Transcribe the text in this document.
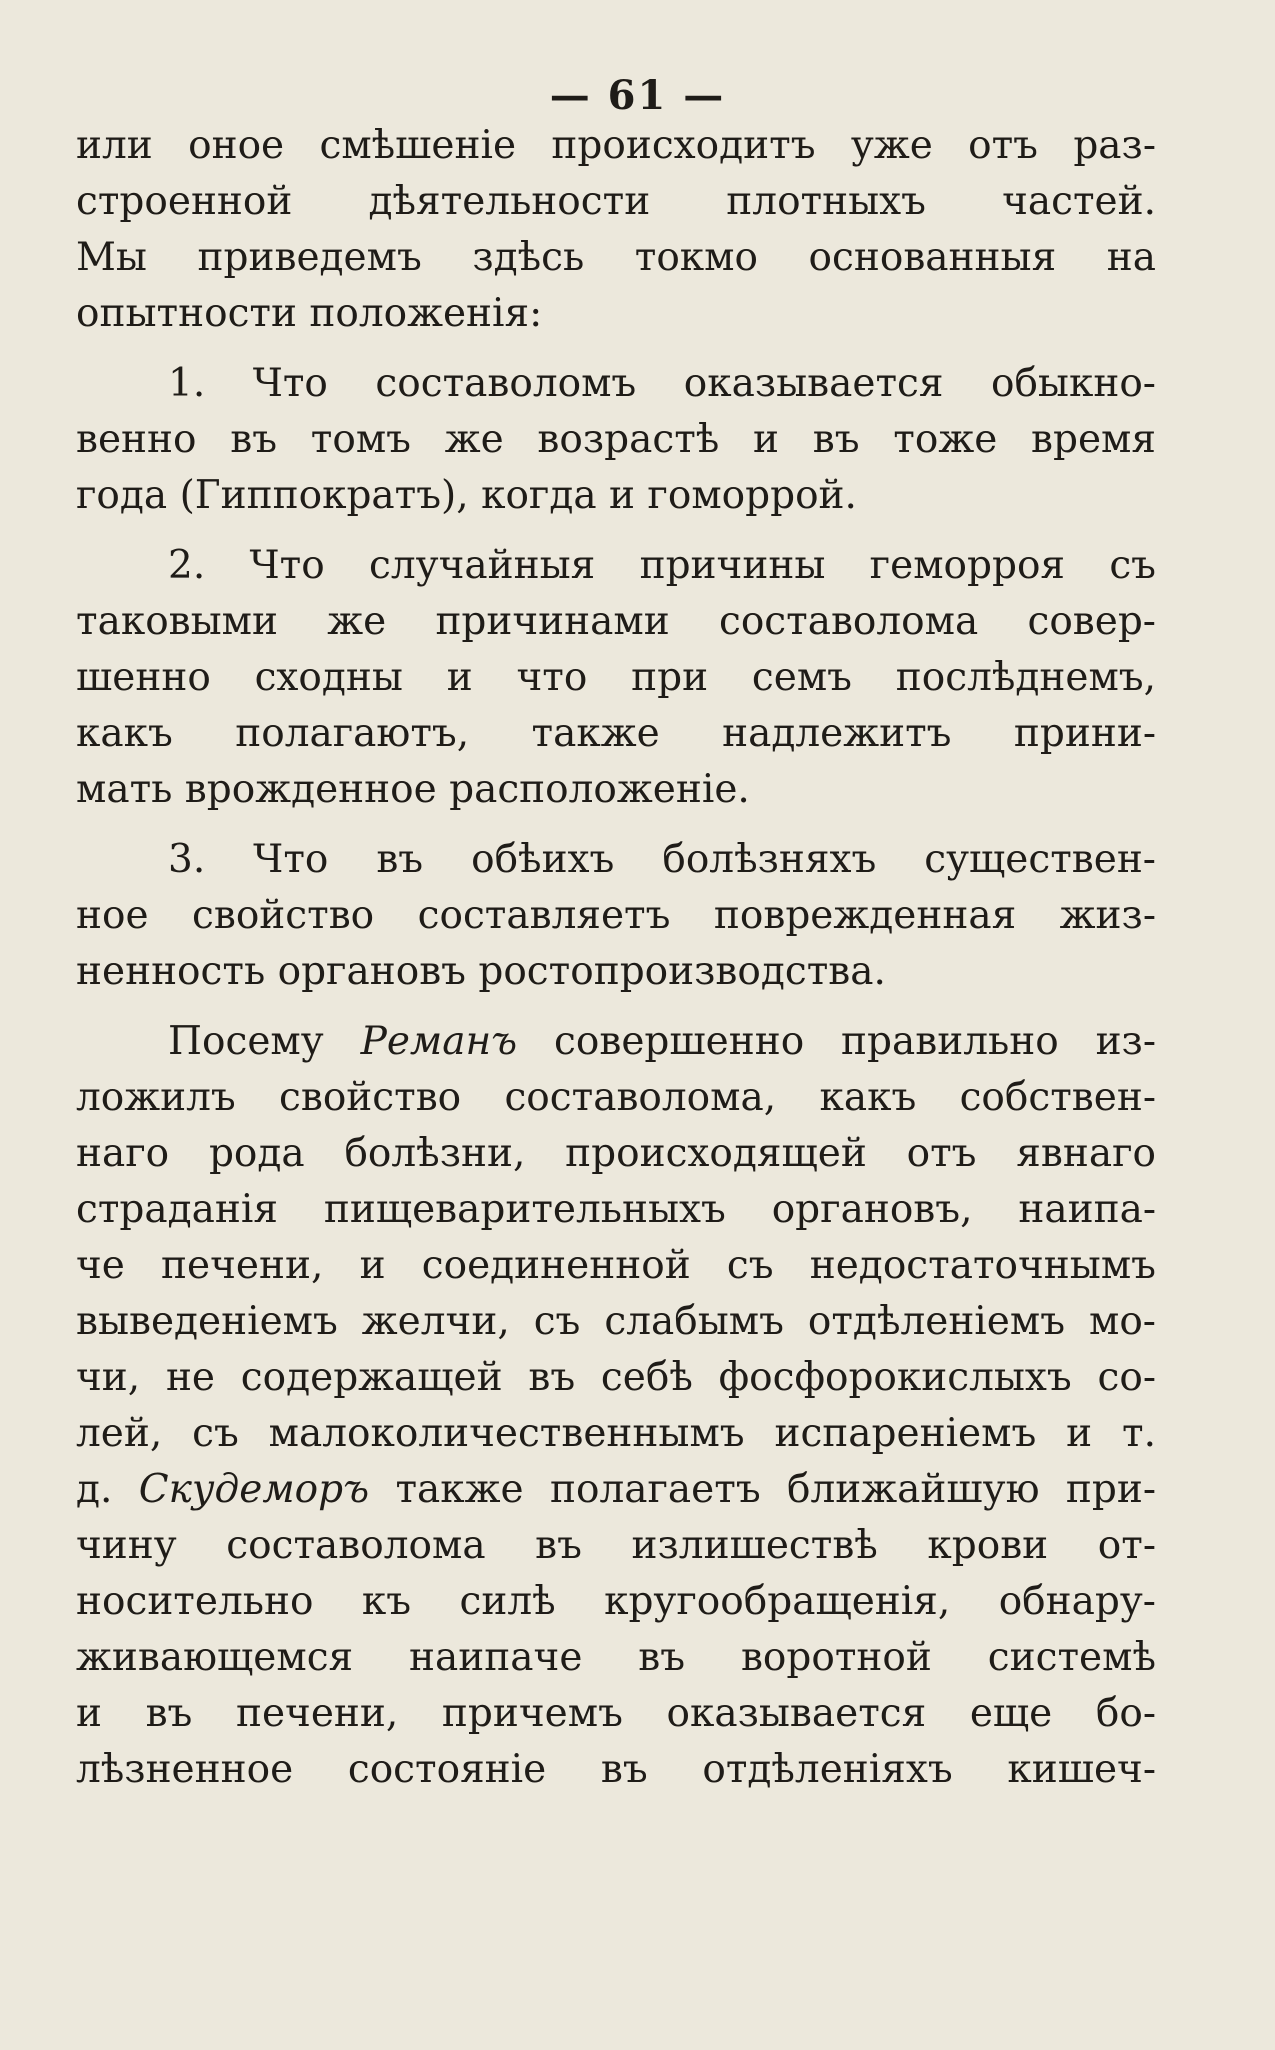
— 61 —
или оное смѣшеніе происходитъ уже отъ раз-
строенной дѣятельности плотныхъ частей.
Мы приведемъ здѣсь токмо основанныя на
опытности положенія:
1. Что составоломъ оказывается обыкно-
венно въ томъ же возрастѣ и въ тоже время
года (Гиппократъ), когда и гоморрой.
2. Что случайныя причины геморроя съ
таковыми же причинами составолома совер-
шенно сходны и что при семъ послѣднемъ,
какъ полагаютъ, также надлежитъ прини-
мать врожденное расположеніе.
3. Что въ обѣихъ болѣзняхъ существен-
ное свойство составляетъ поврежденная жиз-
ненность органовъ ростопроизводства.
Посему Реманъ совершенно правильно из-
ложилъ свойство составолома, какъ собствен-
наго рода болѣзни, происходящей отъ явнаго
страданія пищеварительныхъ органовъ, наипа-
че печени, и соединенной съ недостаточнымъ
выведеніемъ желчи, съ слабымъ отдѣленіемъ мо-
чи, не содержащей въ себѣ фосфорокислыхъ со-
лей, съ малоколичественнымъ испареніемъ и т.
д. Скудеморъ также полагаетъ ближайшую при-
чину составолома въ излишествѣ крови от-
носительно къ силѣ кругообращенія, обнару-
живающемся наипаче въ воротной системѣ
и въ печени, причемъ оказывается еще бо-
лѣзненное состояніе въ отдѣленіяхъ кишеч-
